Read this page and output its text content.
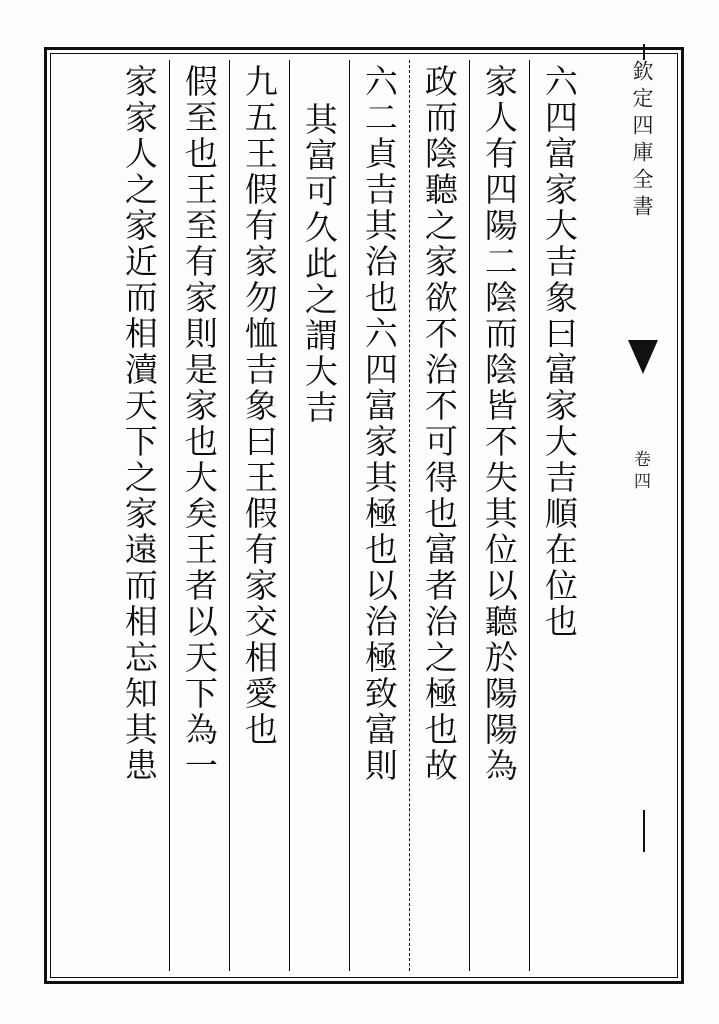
欽定四庫全書
卷四
六四富家大吉象曰富家大吉順在位也
家人有四陽二陰而陰皆不失其位以聽於陽陽為
政而陰聽之家欲不治不可得也富者治之極也故
六二貞吉其治也六四富家其極也以治極致富則
其富可久此之謂大吉
九五王假有家勿恤吉象曰王假有家交相愛也
假至也王至有家則是家也大矣王者以天下為一
家家人之家近而相瀆天下之家遠而相忘知其患
